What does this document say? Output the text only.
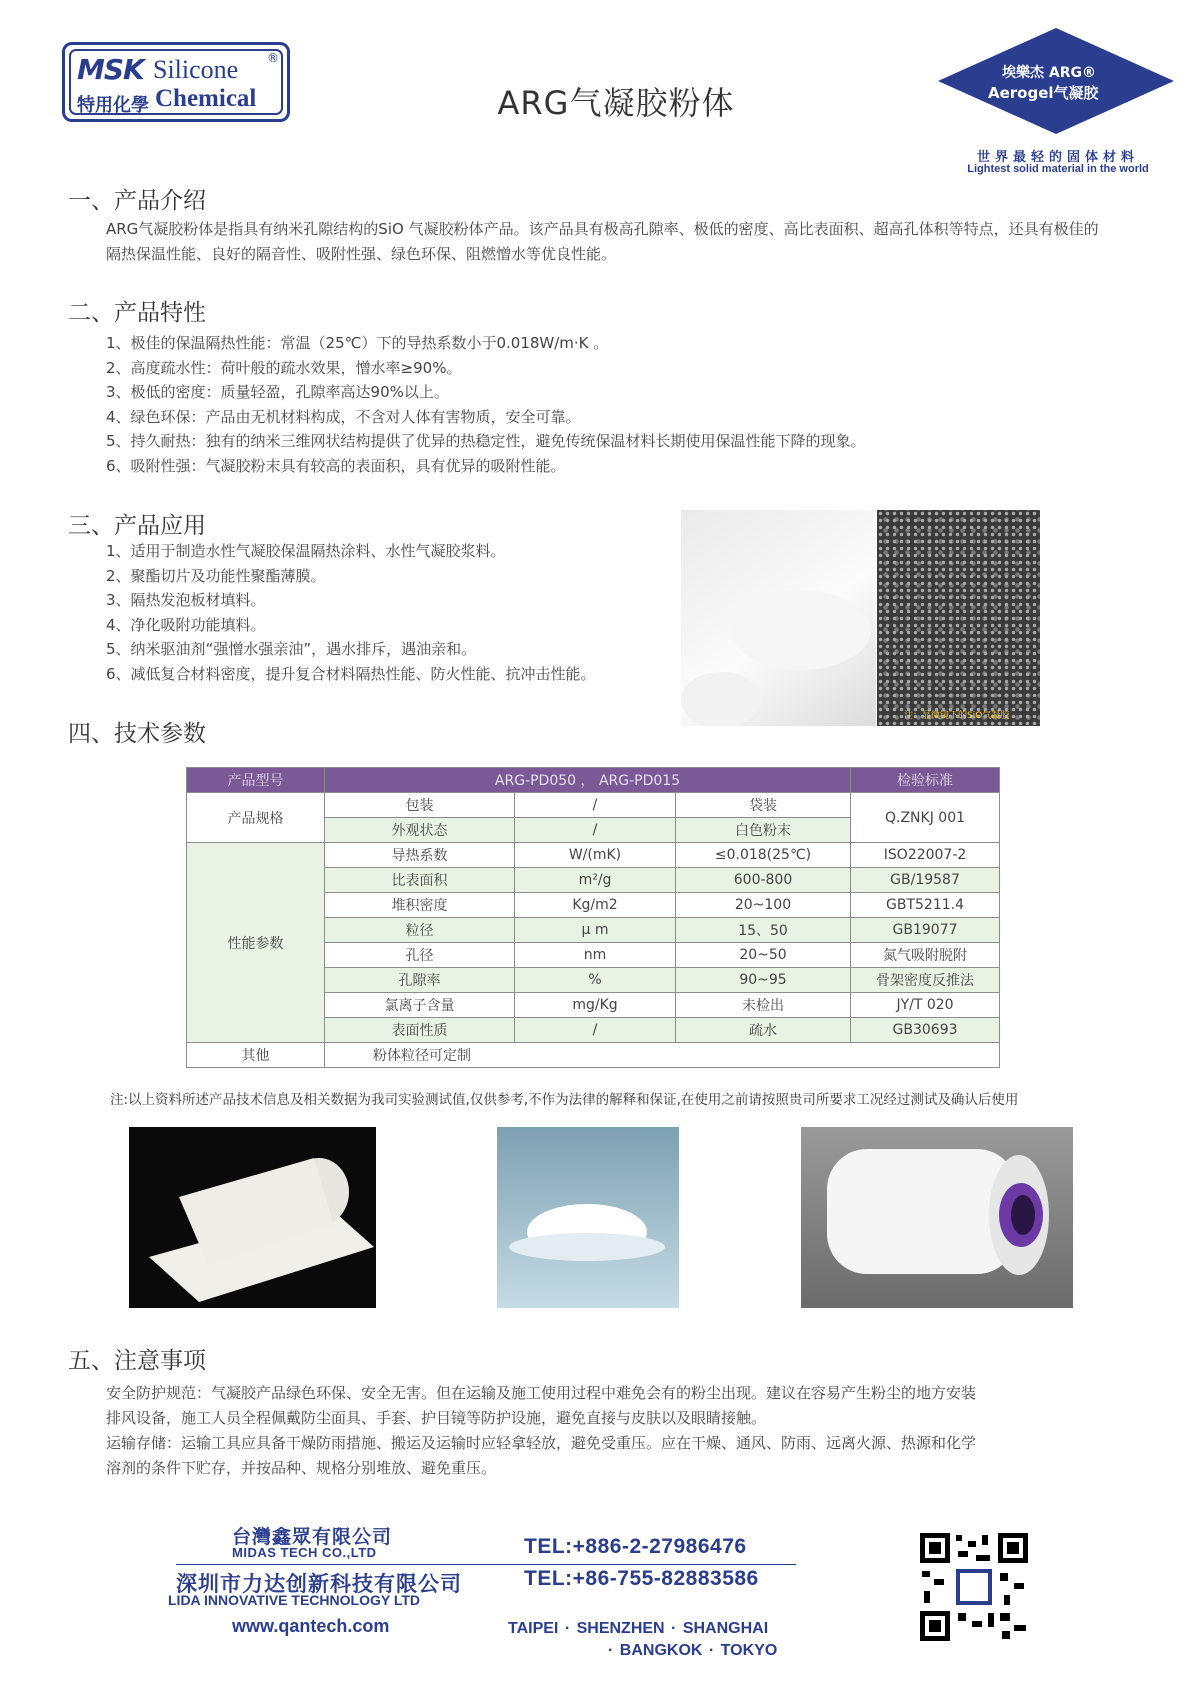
MSK Silicone ®
特用化學 Chemical	ARG气凝胶粉体
埃樂杰 ARG®
Aerogel气凝胶
世界最轻的固体材料
Lightest solid material in the world
一、产品介绍
ARG气凝胶粉体是指具有纳米孔隙结构的SiO 气凝胶粉体产品。该产品具有极高孔隙率、极低的密度、高比表面积、超高孔体积等特点，还具有极佳的隔热保温性能、良好的隔音性、吸附性强、绿色环保、阻燃憎水等优良性能。
二、产品特性
1、极佳的保温隔热性能：常温（25℃）下的导热系数小于0.018W/m·K 。
2、高度疏水性：荷叶般的疏水效果，憎水率≥90%。
3、极低的密度：质量轻盈，孔隙率高达90%以上。
4、绿色环保：产品由无机材料构成，不含对人体有害物质，安全可靠。
5、持久耐热：独有的纳米三维网状结构提供了优异的热稳定性，避免传统保温材料长期使用保温性能下降的现象。
6、吸附性强：气凝胶粉末具有较高的表面积，具有优异的吸附性能。
三、产品应用
1、适用于制造水性气凝胶保温隔热涂料、水性气凝胶浆料。
2、聚酯切片及功能性聚酯薄膜。
3、隔热发泡板材填料。
4、净化吸附功能填料。
5、纳米驱油剂“强憎水强亲油”，遇水排斥，遇油亲和。
6、减低复合材料密度，提升复合材料隔热性能、防火性能、抗冲击性能。
注：显微镜下的SiO气凝胶
四、技术参数
产品型号	ARG-PD050 ， ARG-PD015			检验标准
产品规格	包装	/	袋装	Q.ZNKJ 001
	外观状态	/	白色粉末	
性能参数	导热系数	W/(mK)	≤0.018(25℃)	ISO22007-2
	比表面积	m²/g	600-800	GB/19587
	堆积密度	Kg/m2	20~100	GBT5211.4
	粒径	μ m	15、50	GB19077
	孔径	nm	20~50	氮气吸附脱附
	孔隙率	%	90~95	骨架密度反推法
	氯离子含量	mg/Kg	未检出	JY/T 020
	表面性质	/	疏水	GB30693
其他	粉体粒径可定制			
注:以上资料所述产品技术信息及相关数据为我司实验测试值,仅供参考,不作为法律的解释和保证,在使用之前请按照贵司所要求工况经过测试及确认后使用
五、注意事项
安全防护规范：气凝胶产品绿色环保、安全无害。但在运输及施工使用过程中难免会有的粉尘出现。建议在容易产生粉尘的地方安装排风设备，施工人员全程佩戴防尘面具、手套、护目镜等防护设施，避免直接与皮肤以及眼睛接触。
运输存储：运输工具应具备干燥防雨措施、搬运及运输时应轻拿轻放，避免受重压。应在干燥、通风、防雨、远离火源、热源和化学溶剂的条件下贮存，并按品种、规格分别堆放、避免重压。
台灣鑫眾有限公司
MIDAS TECH CO.,LTD
深圳市力达创新科技有限公司
LIDA INNOVATIVE TECHNOLOGY LTD
www.qantech.com
TEL:+886-2-27986476
TEL:+86-755-82883586
TAIPEI · SHENZHEN · SHANGHAI
· BANGKOK · TOKYO
